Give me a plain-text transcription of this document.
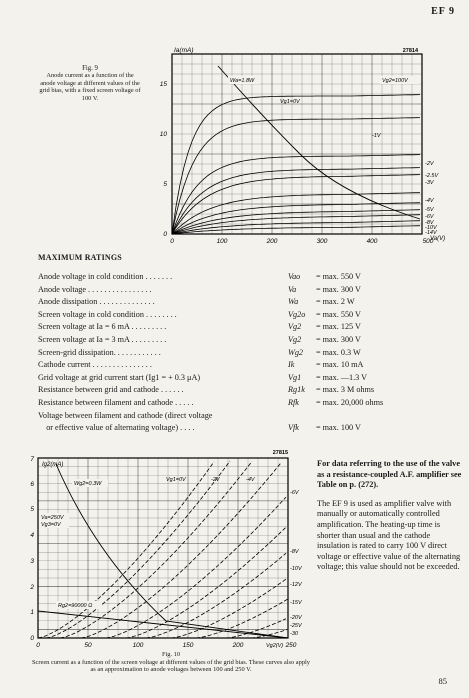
EF 9
Fig. 9
Anode current as a function of the anode voltage at different values of the grid bias, with a fixed screen voltage of 100 V.
Ia(mA)	27814
Va(V)
0	100	200	300	400	500
0
5
10
15	Wa=1.8W	Vg2=100V
Vg1=0V
-1V
-2V
-2.5V
-3V
-4V
-5V
-6V
-8V
-10V
-14V
MAXIMUM RATINGS
Anode voltage in cold condition . . . . . . .	Vao = max. 550 V
Anode voltage . . . . . . . . . . . . . . . .	Va = max. 300 V
Anode dissipation . . . . . . . . . . . . . .	Wa = max. 2 W
Screen voltage in cold condition . . . . . . . .	Vg2o = max. 550 V
Screen voltage at Ia = 6 mA . . . . . . . . .	Vg2 = max. 125 V
Screen voltage at Ia = 3 mA . . . . . . . . .	Vg2 = max. 300 V
Screen-grid dissipation. . . . . . . . . . . .	Wg2 = max. 0.3 W
Cathode current . . . . . . . . . . . . . . .	Ik	= max. 10 mA
Grid voltage at grid current start (Ig1 = + 0.3 μA)	Vg1 = max. —1.3 V
Resistance between grid and cathode . . . . . .	Rg1k = max. 3 M ohms
Resistance between filament and cathode . . . . .	Rfk = max. 20,000 ohms
Voltage between filament and cathode (direct voltage
or effective value of alternating voltage) . . . .	Vfk = max. 100 V
Ig2(mA)
27815
Vg2(V)
0	50	100	150	200	250
0
1
2
3
4
5
6
7
Wg2=0.3W
Va=250V
Vg3=0V
Rg2=90000 Ω
Vg1=0V	-2V	-4V
-6V
-8V
-10V
-12V
-15V
-20V
-25V
-30
Fig. 10
Screen current as a function of the screen voltage at different values of the grid bias. These curves also apply as an approximation to anode voltages between 100 and 250 V.
For data referring to the use of the valve as a resistance-coupled A.F. amplifier see Table on p. (272).
The EF 9 is used as amplifier valve with manually or automatically controlled amplification. The heating-up time is shorter than usual and the cathode insulation is rated to carry 100 V direct voltage or effective value of the alternating voltage; this value should not be exceeded.
85
